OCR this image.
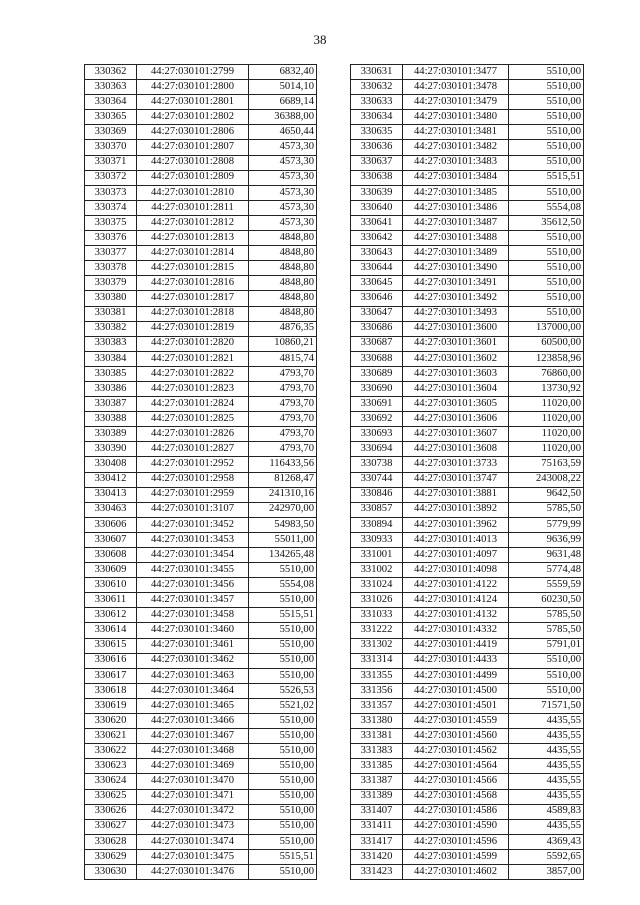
38
330362	44:27:030101:2799	6832,40
330363	44:27:030101:2800	5014,10
330364	44:27:030101:2801	6689,14
330365	44:27:030101:2802	36388,00
330369	44:27:030101:2806	4650,44
330370	44:27:030101:2807	4573,30
330371	44:27:030101:2808	4573,30
330372	44:27:030101:2809	4573,30
330373	44:27:030101:2810	4573,30
330374	44:27:030101:2811	4573,30
330375	44:27:030101:2812	4573,30
330376	44:27:030101:2813	4848,80
330377	44:27:030101:2814	4848,80
330378	44:27:030101:2815	4848,80
330379	44:27:030101:2816	4848,80
330380	44:27:030101:2817	4848,80
330381	44:27:030101:2818	4848,80
330382	44:27:030101:2819	4876,35
330383	44:27:030101:2820	10860,21
330384	44:27:030101:2821	4815,74
330385	44:27:030101:2822	4793,70
330386	44:27:030101:2823	4793,70
330387	44:27:030101:2824	4793,70
330388	44:27:030101:2825	4793,70
330389	44:27:030101:2826	4793,70
330390	44:27:030101:2827	4793,70
330408	44:27:030101:2952	116433,56
330412	44:27:030101:2958	81268,47
330413	44:27:030101:2959	241310,16
330463	44:27:030101:3107	242970,00
330606	44:27:030101:3452	54983,50
330607	44:27:030101:3453	55011,00
330608	44:27:030101:3454	134265,48
330609	44:27:030101:3455	5510,00
330610	44:27:030101:3456	5554,08
330611	44:27:030101:3457	5510,00
330612	44:27:030101:3458	5515,51
330614	44:27:030101:3460	5510,00
330615	44:27:030101:3461	5510,00
330616	44:27:030101:3462	5510,00
330617	44:27:030101:3463	5510,00
330618	44:27:030101:3464	5526,53
330619	44:27:030101:3465	5521,02
330620	44:27:030101:3466	5510,00
330621	44:27:030101:3467	5510,00
330622	44:27:030101:3468	5510,00
330623	44:27:030101:3469	5510,00
330624	44:27:030101:3470	5510,00
330625	44:27:030101:3471	5510,00
330626	44:27:030101:3472	5510,00
330627	44:27:030101:3473	5510,00
330628	44:27:030101:3474	5510,00
330629	44:27:030101:3475	5515,51
330630	44:27:030101:3476	5510,00
330631	44:27:030101:3477	5510,00
330632	44:27:030101:3478	5510,00
330633	44:27:030101:3479	5510,00
330634	44:27:030101:3480	5510,00
330635	44:27:030101:3481	5510,00
330636	44:27:030101:3482	5510,00
330637	44:27:030101:3483	5510,00
330638	44:27:030101:3484	5515,51
330639	44:27:030101:3485	5510,00
330640	44:27:030101:3486	5554,08
330641	44:27:030101:3487	35612,50
330642	44:27:030101:3488	5510,00
330643	44:27:030101:3489	5510,00
330644	44:27:030101:3490	5510,00
330645	44:27:030101:3491	5510,00
330646	44:27:030101:3492	5510,00
330647	44:27:030101:3493	5510,00
330686	44:27:030101:3600	137000,00
330687	44:27:030101:3601	60500,00
330688	44:27:030101:3602	123858,96
330689	44:27:030101:3603	76860,00
330690	44:27:030101:3604	13730,92
330691	44:27:030101:3605	11020,00
330692	44:27:030101:3606	11020,00
330693	44:27:030101:3607	11020,00
330694	44:27:030101:3608	11020,00
330738	44:27:030101:3733	75163,59
330744	44:27:030101:3747	243008,22
330846	44:27:030101:3881	9642,50
330857	44:27:030101:3892	5785,50
330894	44:27:030101:3962	5779,99
330933	44:27:030101:4013	9636,99
331001	44:27:030101:4097	9631,48
331002	44:27:030101:4098	5774,48
331024	44:27:030101:4122	5559,59
331026	44:27:030101:4124	60230,50
331033	44:27:030101:4132	5785,50
331222	44:27:030101:4332	5785,50
331302	44:27:030101:4419	5791,01
331314	44:27:030101:4433	5510,00
331355	44:27:030101:4499	5510,00
331356	44:27:030101:4500	5510,00
331357	44:27:030101:4501	71571,50
331380	44:27:030101:4559	4435,55
331381	44:27:030101:4560	4435,55
331383	44:27:030101:4562	4435,55
331385	44:27:030101:4564	4435,55
331387	44:27:030101:4566	4435,55
331389	44:27:030101:4568	4435,55
331407	44:27:030101:4586	4589,83
331411	44:27:030101:4590	4435,55
331417	44:27:030101:4596	4369,43
331420	44:27:030101:4599	5592,65
331423	44:27:030101:4602	3857,00
